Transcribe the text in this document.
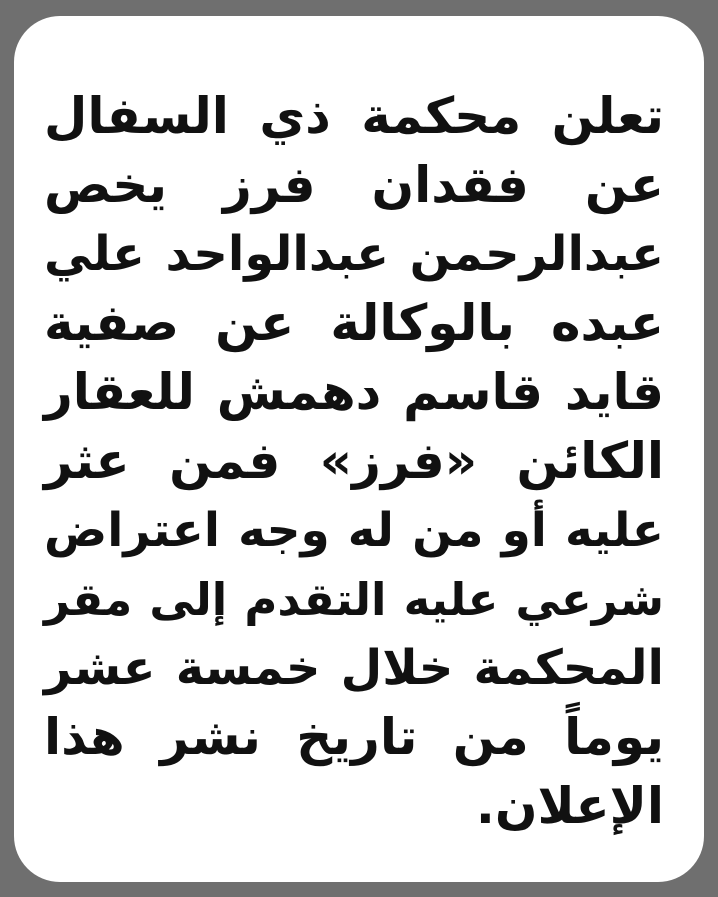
تعلن محكمة ذي السفال
عن فقدان فرز يخص
عبدالرحمن عبدالواحد علي
عبده بالوكالة عن صفية
قايد قاسم دهمش للعقار
الكائن «فرز» فمن عثر
عليه أو من له وجه اعتراض
شرعي عليه التقدم إلى مقر
المحكمة خلال خمسة عشر
يوماً من تاريخ نشر هذا
الإعلان.
